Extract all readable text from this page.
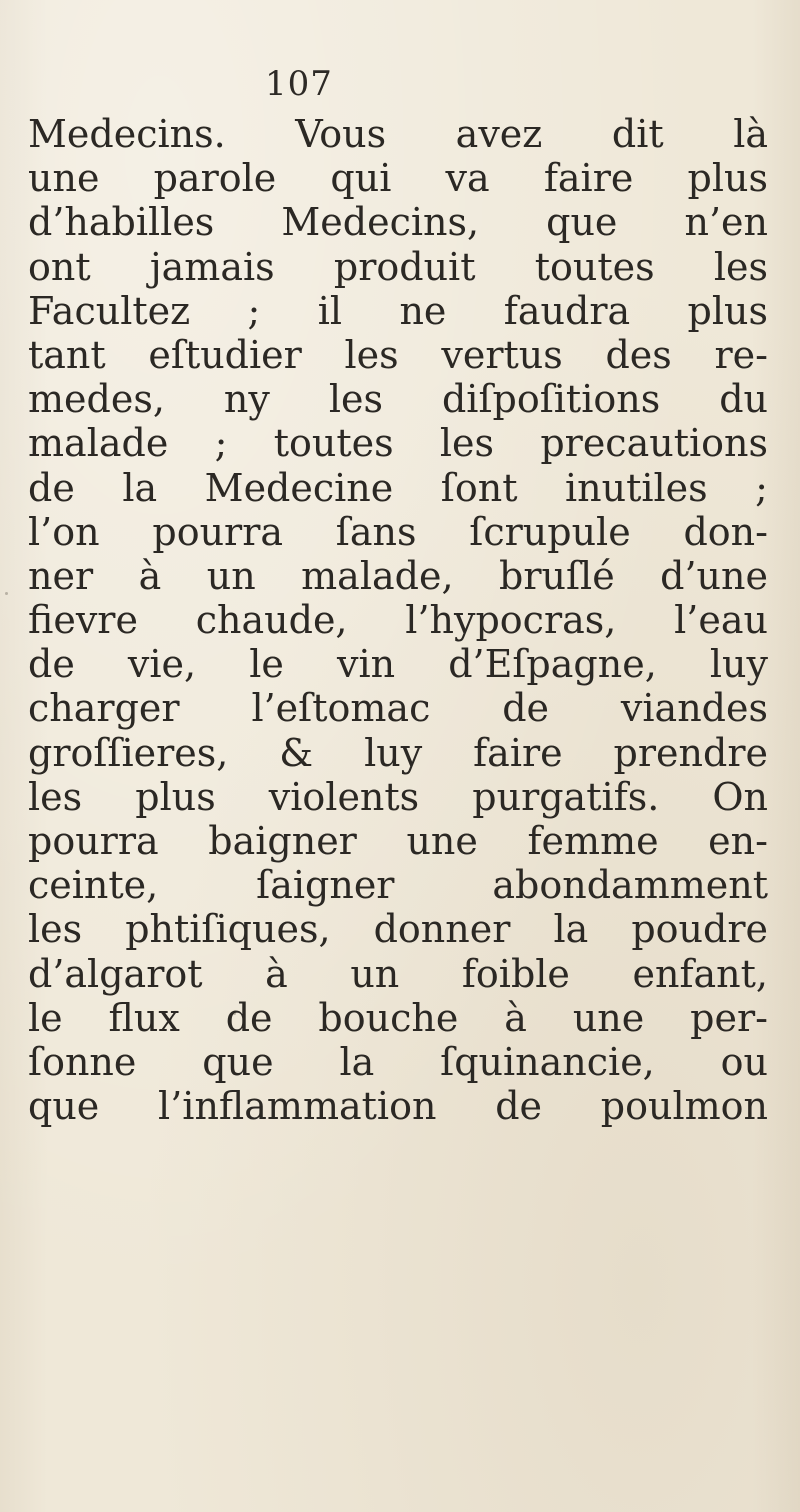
107
Medecins. Vous avez dit là
une parole qui va faire plus
d’habilles Medecins, que n’en
ont jamais produit toutes les
Facultez ; il ne faudra plus
tant eſtudier les vertus des re-
medes, ny les diſpoſitions du
malade ; toutes les precautions
de la Medecine ſont inutiles ;
l’on pourra ſans ſcrupule don-
ner à un malade, bruſlé d’une
fievre chaude, l’hypocras, l’eau
de vie, le vin d’Eſpagne, luy
charger l’eſtomac de viandes
groſſieres, & luy faire prendre
les plus violents purgatifs. On
pourra baigner une femme en-
ceinte, ſaigner abondamment
les phtiſiques, donner la poudre
d’algarot à un foible enfant,
le flux de bouche à une per-
ſonne que la ſquinancie, ou
que l’inflammation de poulmon
